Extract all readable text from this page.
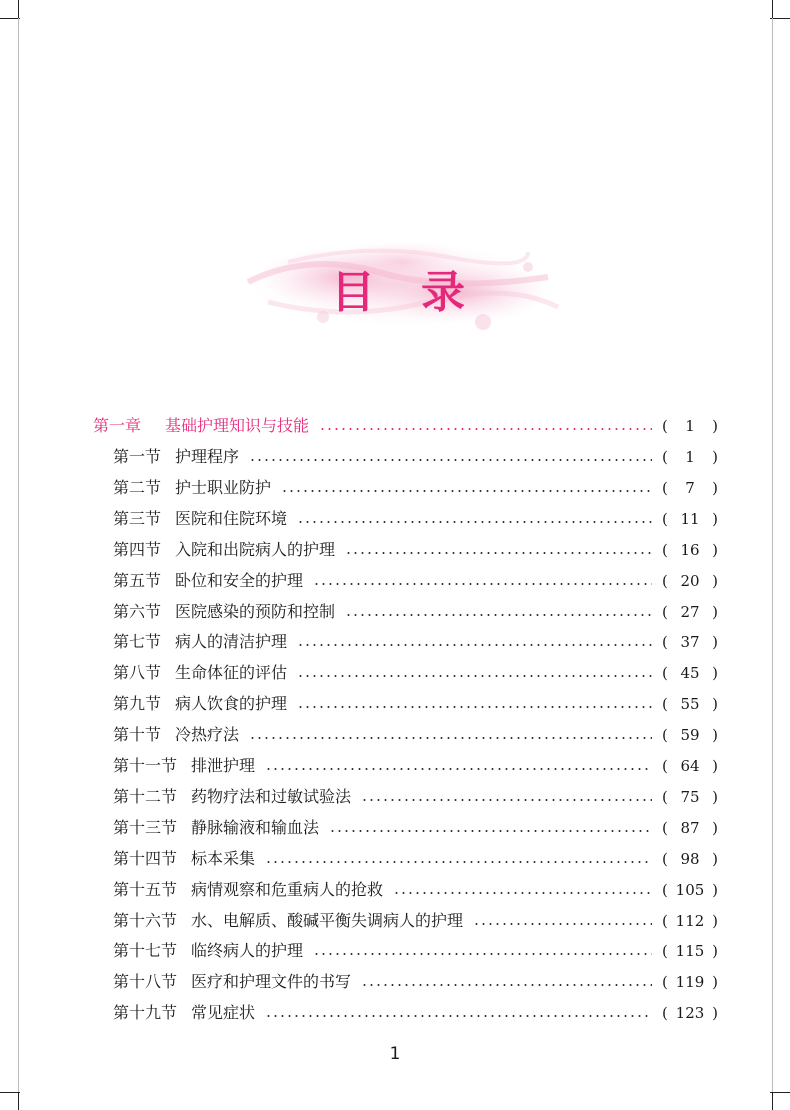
目录
第一章 基础护理知识与技能	(	1	)
第一节 护理程序	(	1	)
第二节 护士职业防护	(	7	)
第三节 医院和住院环境	( 11 )
第四节 入院和出院病人的护理	( 16 )
第五节 卧位和安全的护理	( 20 )
第六节 医院感染的预防和控制	( 27 )
第七节 病人的清洁护理	( 37 )
第八节 生命体征的评估	( 45 )
第九节 病人饮食的护理	( 55 )
第十节 冷热疗法	( 59 )
第十一节 排泄护理	( 64 )
第十二节 药物疗法和过敏试验法	( 75 )
第十三节 静脉输液和输血法	( 87 )
第十四节 标本采集	( 98 )
第十五节 病情观察和危重病人的抢救	( 105 )
第十六节 水、电解质、酸碱平衡失调病人的护理	( 112 )
第十七节 临终病人的护理	( 115 )
第十八节 医疗和护理文件的书写	( 119 )
第十九节 常见症状	( 123 )
1
